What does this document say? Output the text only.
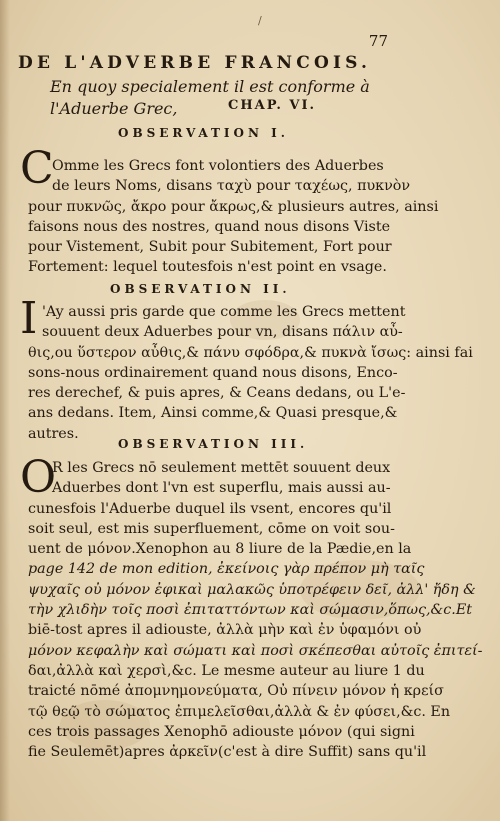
/
77
DE L'ADVERBE FRANCOIS.
En quoy specialement il est conforme à
l'Aduerbe Grec,	CHAP. VI.
OBSERVATION I.
C
Omme les Grecs font volontiers des Aduerbes
de leurs Noms, disans ταχὺ pour ταχέως, πυκνὸν
pour πυκνῶς, ἄκρο pour ἄκρως,& plusieurs autres, ainsi
faisons nous des nostres, quand nous disons Viste
pour Vistement, Subit pour Subitement, Fort pour
Fortement: lequel toutesfois n'est point en vsage.
OBSERVATION II.
I 'Ay aussi pris garde que comme les Grecs mettent
souuent deux Aduerbes pour vn, disans πάλιν αὖ-
θις,ou ὕστερον αὖθις,& πάνυ σφόδρα,& πυκνὰ ἴσως: ainsi fai
sons-nous ordinairement quand nous disons, Enco-
res derechef, & puis apres, & Ceans dedans, ou L'e-
ans dedans. Item, Ainsi comme,& Quasi presque,&
autres.
OBSERVATION III.
O
R les Grecs nō seulement mettēt souuent deux
Aduerbes dont l'vn est superflu, mais aussi au-
cunesfois l'Aduerbe duquel ils vsent, encores qu'il
soit seul, est mis superfluement, cōme on voit sou-
uent de μόνον.Xenophon au 8 liure de la Pædie,en la
page 142 de mon edition, ἐκείνοις γὰρ πρέπον μὴ ταῖς
ψυχαῖς οὐ μόνον ἐφικαὶ μαλακῶς ὑποτρέφειν δεῖ, ἀλλ' ἤδη &
τὴν χλιδὴν τοῖς ποσὶ ἐπιταττόντων καὶ σώμασιν,ὅπως,&c.Et
biē-tost apres il adiouste, ἀλλὰ μὴν καὶ ἐν ὑφαμόνι οὐ
μόνον κεφαλὴν καὶ σώματι καὶ ποσὶ σκέπεσθαι αὐτοῖς ἐπιτεί-
δαι,ἀλλὰ καὶ χερσὶ,&c. Le mesme auteur au liure 1 du
traicté nōmé ἀπομνημονεύματα, Οὐ πίνειν μόνον ἡ κρείσ
τῷ θεῷ τὸ σώματος ἐπιμελεῖσθαι,ἀλλὰ & ἐν φύσει,&c. En
ces trois passages Xenophō adiouste μόνον (qui signi
fie Seulemēt)apres ἀρκεῖν(c'est à dire Suffit) sans qu'il
